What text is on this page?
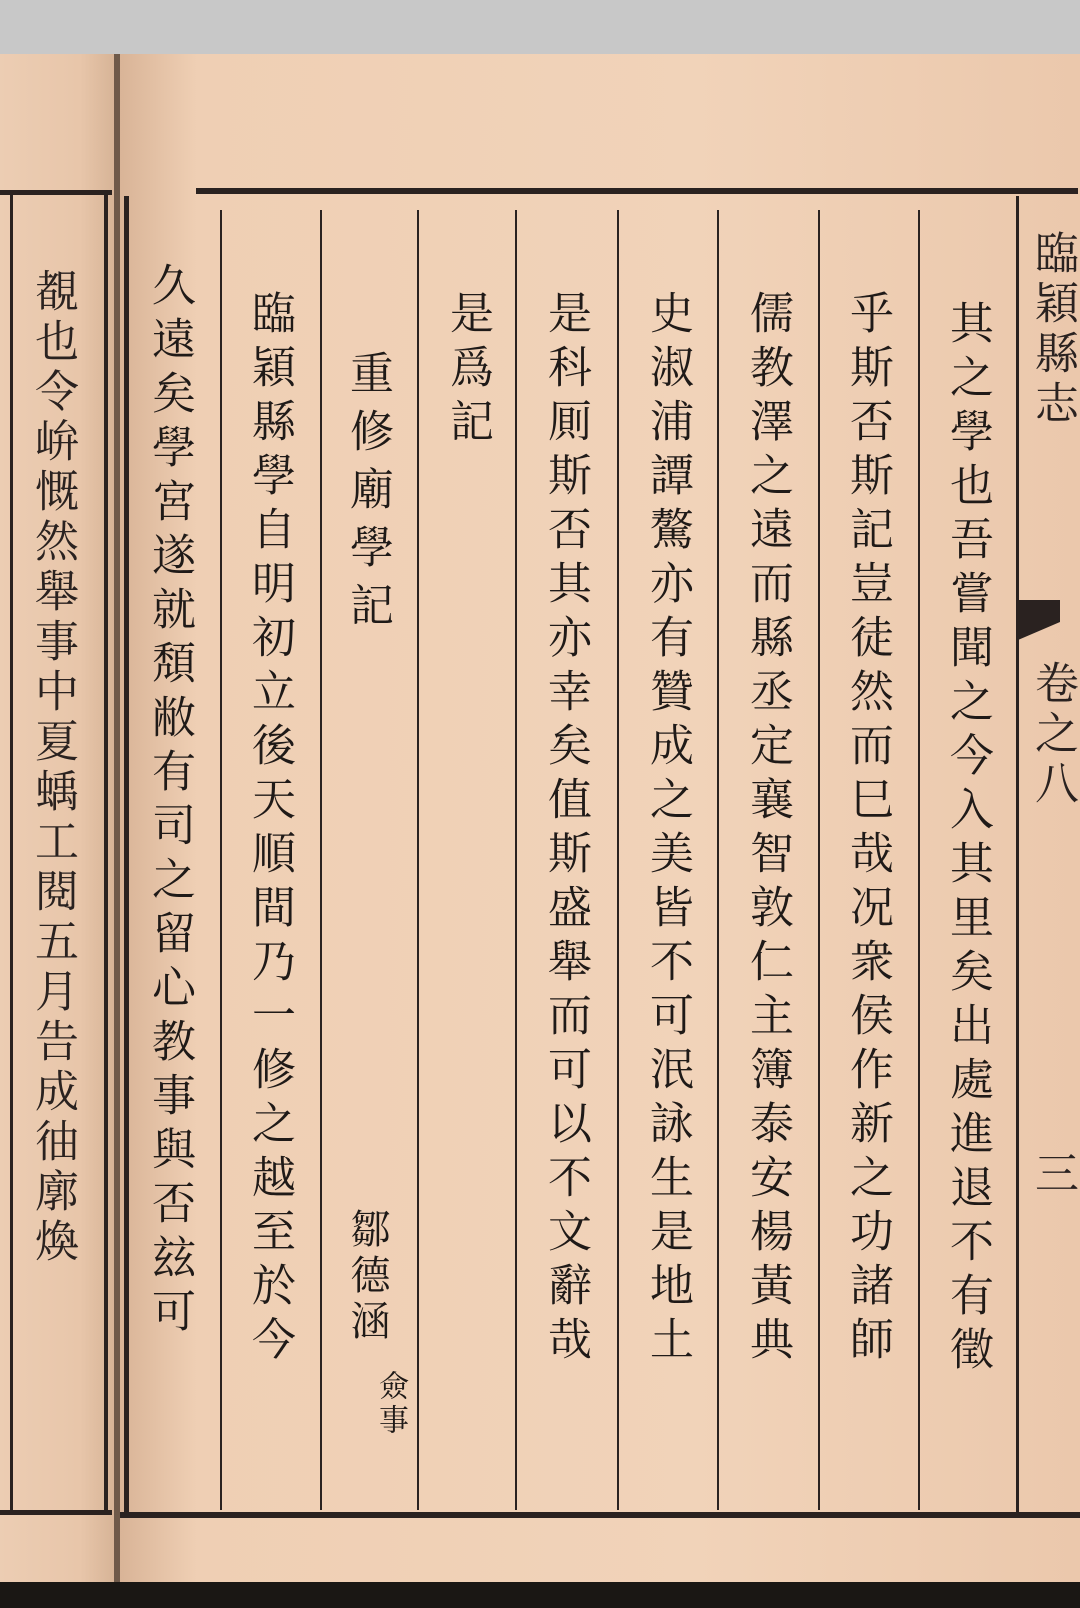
覩也令峅慨然舉事中夏蝺工閱五月告成㣙廓煥	臨穎縣志
卷之八
三
其之學也吾嘗聞之今入其里矣出處進退不有徵
乎斯否斯記豈徒然而巳哉况衆侯作新之功諸師
儒教澤之遠而縣丞定襄智敦仁主簿泰安楊黃典
史淑浦譚驁亦有贊成之美皆不可泯詠生是地土
是科厠斯否其亦幸矣值斯盛舉而可以不文辭哉
是爲記
重修廟學記
鄒德涵
僉事
臨穎縣學自明初立後天順間乃一修之越至於今
久遠矣學宮遂就頽敝有司之留心教事與否玆可
